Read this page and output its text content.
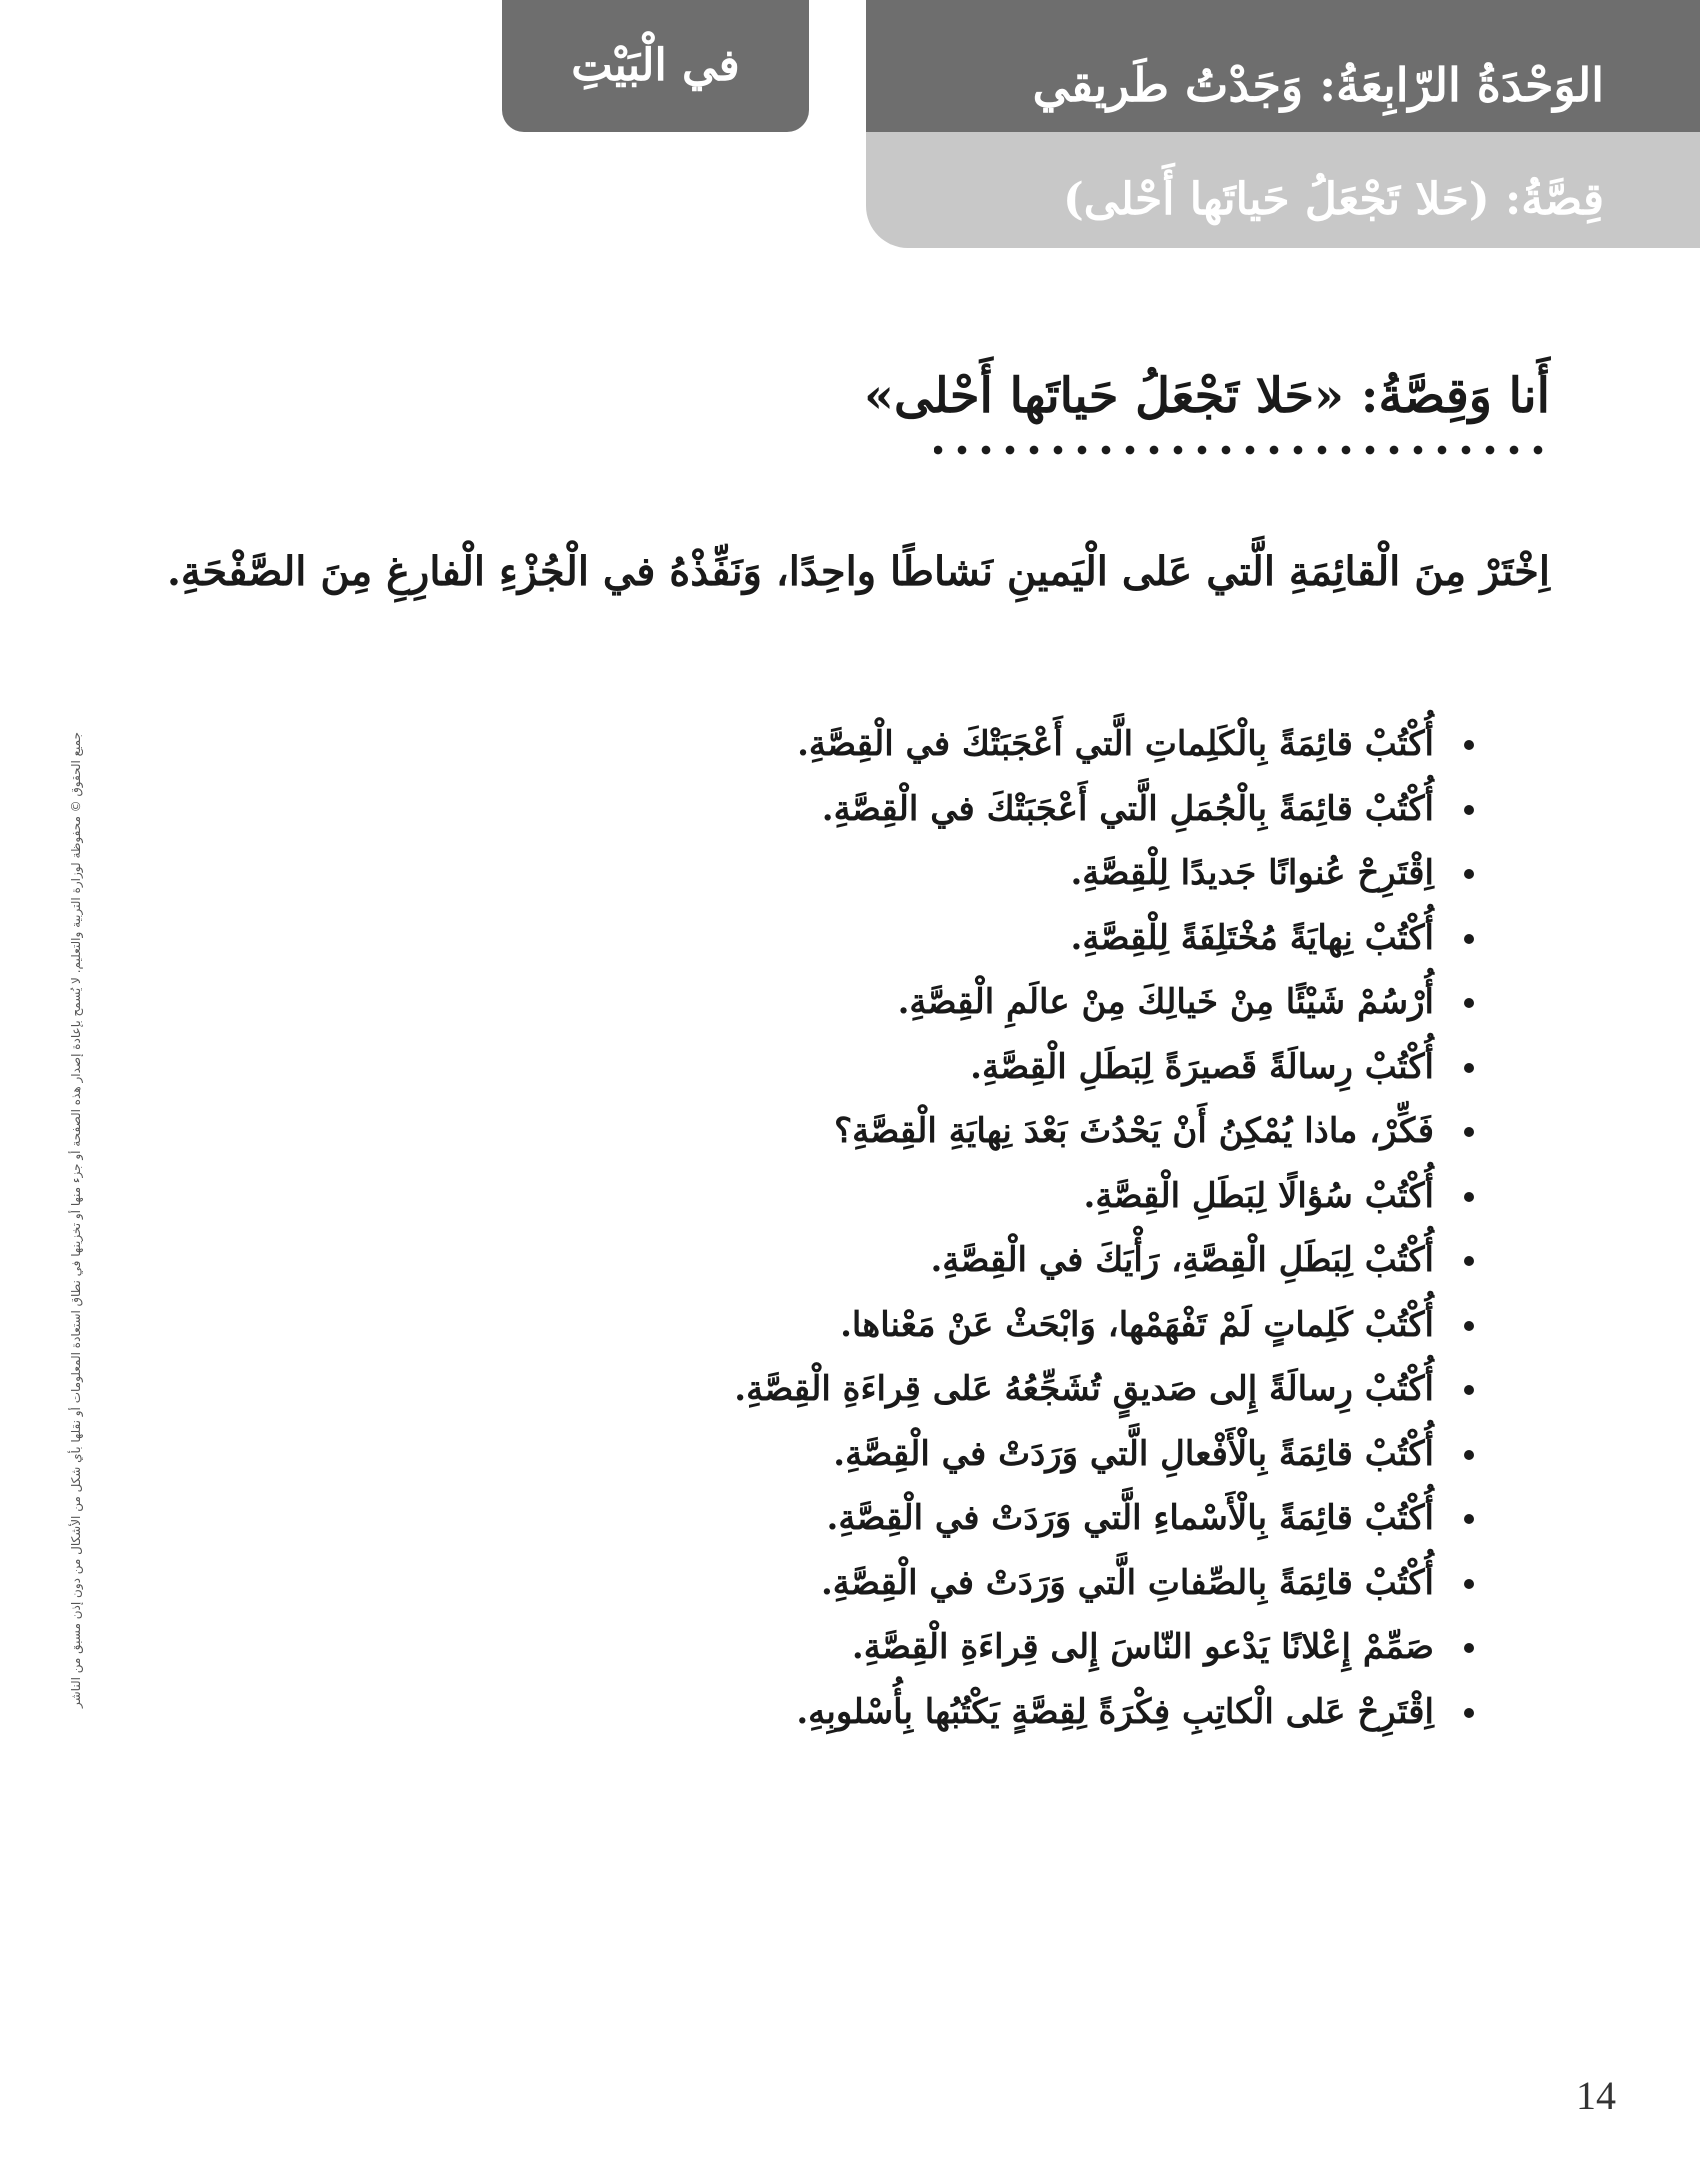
الوَحْدَةُ الرّابِعَةُ: وَجَدْتُ طَريقي
قِصَّةُ: (حَلا تَجْعَلُ حَياتَها أَحْلى)
في الْبَيْتِ
جميع الحقوق © محفوظة لوزارة التربية والتعليم. لا يُسمح بإعادة إصدار هذه الصفحة أو جزء منها أو تخزينها في نطاق استعادة المعلومات أو نقلها بأي شكل من الأشكال من دون إذن مسبق من الناشر
أَنا وَقِصَّةُ: «حَلا تَجْعَلُ حَياتَها أَحْلى»
اِخْتَرْ مِنَ الْقائِمَةِ الَّتي عَلى الْيَمينِ نَشاطًا واحِدًا، وَنَفِّذْهُ في الْجُزْءِ الْفارِغِ مِنَ الصَّفْحَةِ.
أُكْتُبْ قائِمَةً بِالْكَلِماتِ الَّتي أَعْجَبَتْكَ في الْقِصَّةِ.
أُكْتُبْ قائِمَةً بِالْجُمَلِ الَّتي أَعْجَبَتْكَ في الْقِصَّةِ.
اِقْتَرِحْ عُنوانًا جَديدًا لِلْقِصَّةِ.
أُكْتُبْ نِهايَةً مُخْتَلِفَةً لِلْقِصَّةِ.
أُرْسُمْ شَيْئًا مِنْ خَيالِكَ مِنْ عالَمِ الْقِصَّةِ.
أُكْتُبْ رِسالَةً قَصيرَةً لِبَطَلِ الْقِصَّةِ.
فَكِّرْ، ماذا يُمْكِنُ أَنْ يَحْدُثَ بَعْدَ نِهايَةِ الْقِصَّةِ؟
أُكْتُبْ سُؤالًا لِبَطَلِ الْقِصَّةِ.
أُكْتُبْ لِبَطَلِ الْقِصَّةِ، رَأْيَكَ في الْقِصَّةِ.
أُكْتُبْ كَلِماتٍ لَمْ تَفْهَمْها، وَابْحَثْ عَنْ مَعْناها.
أُكْتُبْ رِسالَةً إِلى صَديقٍ تُشَجِّعُهُ عَلى قِراءَةِ الْقِصَّةِ.
أُكْتُبْ قائِمَةً بِالْأَفْعالِ الَّتي وَرَدَتْ في الْقِصَّةِ.
أُكْتُبْ قائِمَةً بِالْأَسْماءِ الَّتي وَرَدَتْ في الْقِصَّةِ.
أُكْتُبْ قائِمَةً بِالصِّفاتِ الَّتي وَرَدَتْ في الْقِصَّةِ.
صَمِّمْ إِعْلانًا يَدْعو النّاسَ إِلى قِراءَةِ الْقِصَّةِ.
اِقْتَرِحْ عَلى الْكاتِبِ فِكْرَةً لِقِصَّةٍ يَكْتُبُها بِأُسْلوبِهِ.
14
